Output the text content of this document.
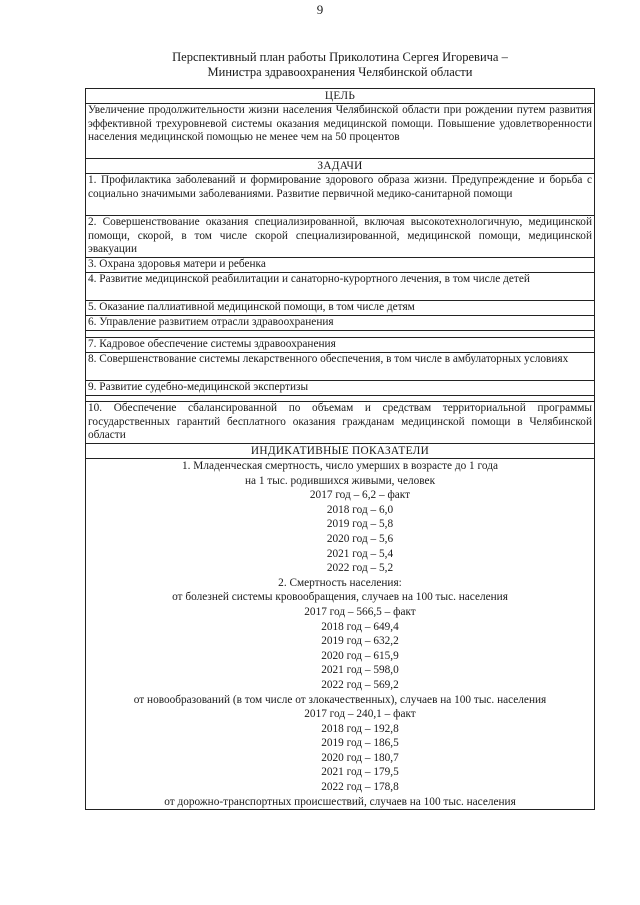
9
Перспективный план работы Приколотина Сергея Игоревича –
Министра здравоохранения Челябинской области
ЦЕЛЬ
Увеличение продолжительности жизни населения Челябинской области при рождении путем развития эффективной трехуровневой системы оказания медицинской помощи. Повышение удовлетворенности населения медицинской помощью не менее чем на 50 процентов
ЗАДАЧИ
1. Профилактика заболеваний и формирование здорового образа жизни. Предупреждение и борьба с социально значимыми заболеваниями. Развитие первичной медико-санитарной помощи
2. Совершенствование оказания специализированной, включая высокотехнологичную, медицинской помощи, скорой, в том числе скорой специализированной, медицинской помощи, медицинской эвакуации
3. Охрана здоровья матери и ребенка
4. Развитие медицинской реабилитации и санаторно-курортного лечения, в том числе детей
5. Оказание паллиативной медицинской помощи, в том числе детям
6. Управление развитием отрасли здравоохранения
7. Кадровое обеспечение системы здравоохранения
8. Совершенствование системы лекарственного обеспечения, в том числе в амбулаторных условиях
9. Развитие судебно-медицинской экспертизы
10. Обеспечение сбалансированной по объемам и средствам территориальной программы государственных гарантий бесплатного оказания гражданам медицинской помощи в Челябинской области
ИНДИКАТИВНЫЕ ПОКАЗАТЕЛИ
1. Младенческая смертность, число умерших в возрасте до 1 года
на 1 тыс. родившихся живыми, человек
2017 год – 6,2 – факт
2018 год – 6,0
2019 год – 5,8
2020 год – 5,6
2021 год – 5,4
2022 год – 5,2
2. Смертность населения:
от болезней системы кровообращения, случаев на 100 тыс. населения
2017 год – 566,5 – факт
2018 год – 649,4
2019 год – 632,2
2020 год – 615,9
2021 год – 598,0
2022 год – 569,2
от новообразований (в том числе от злокачественных), случаев на 100 тыс. населения
2017 год – 240,1 – факт
2018 год – 192,8
2019 год – 186,5
2020 год – 180,7
2021 год – 179,5
2022 год – 178,8
от дорожно-транспортных происшествий, случаев на 100 тыс. населения
